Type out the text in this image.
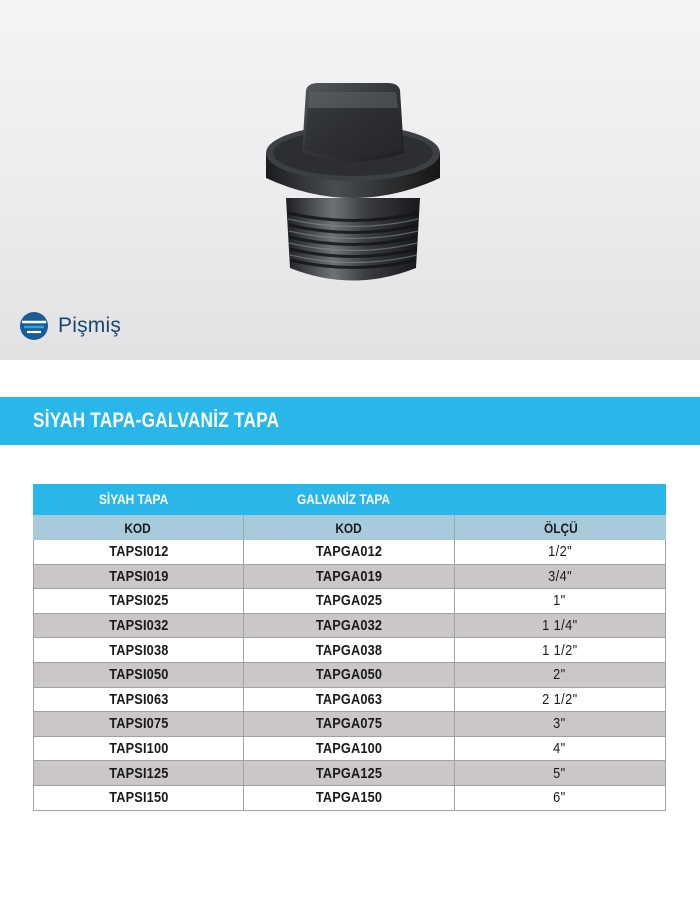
Pişmiş
SİYAH TAPA-GALVANİZ TAPA
SİYAH TAPA	GALVANİZ TAPA
KOD	KOD	ÖLÇÜ
TAPSI012	TAPGA012	1/2"
TAPSI019	TAPGA019	3/4"
TAPSI025	TAPGA025	1"
TAPSI032	TAPGA032	1 1/4"
TAPSI038	TAPGA038	1 1/2"
TAPSI050	TAPGA050	2"
TAPSI063	TAPGA063	2 1/2"
TAPSI075	TAPGA075	3"
TAPSI100	TAPGA100	4"
TAPSI125	TAPGA125	5"
TAPSI150	TAPGA150	6"
